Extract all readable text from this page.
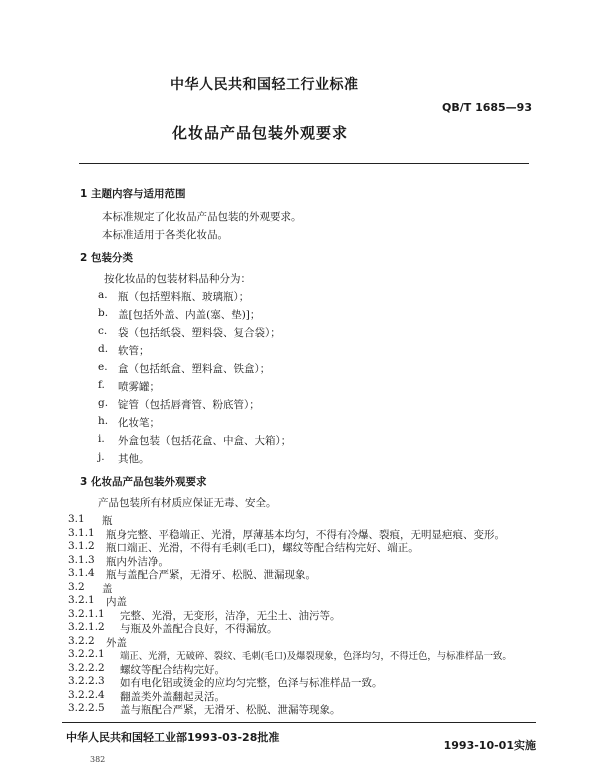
中华人民共和国轻工行业标准
QB/T 1685—93
化妆品产品包装外观要求
1 主题内容与适用范围
本标准规定了化妆品产品包装的外观要求。
本标准适用于各类化妆品。
2 包装分类
按化妆品的包装材料品种分为：
a. 瓶（包括塑料瓶、玻璃瓶）；
b. 盖[包括外盖、内盖(塞、垫)]；
c. 袋（包括纸袋、塑料袋、复合袋）；
d. 软管；
e. 盒（包括纸盒、塑料盒、铁盒）；
f. 喷雾罐；
g. 锭管（包括唇膏管、粉底管）；
h. 化妆笔；
i. 外盒包装（包括花盒、中盒、大箱）；
j. 其他。
3 化妆品产品包装外观要求
产品包装所有材质应保证无毒、安全。
中华人民共和国轻工业部1993-03-28批准
1993-10-01实施
382
3.1 瓶
3.1.1 瓶身完整、平稳端正、光滑，厚薄基本均匀，不得有冷爆、裂痕，无明显疤痕、变形。
3.1.2 瓶口端正、光滑，不得有毛刺(毛口)，螺纹等配合结构完好、端正。
3.1.3 瓶内外洁净。
3.1.4 瓶与盖配合严紧，无滑牙、松脱、泄漏现象。
3.2 盖
3.2.1 内盖
3.2.1.1 完整、光滑，无变形，洁净，无尘土、油污等。
3.2.1.2 与瓶及外盖配合良好，不得漏放。
3.2.2 外盖
3.2.2.1 端正、光滑，无破碎、裂纹、毛刺(毛口)及爆裂现象，色泽均匀，不得迁色，与标准样品一致。
3.2.2.2 螺纹等配合结构完好。
3.2.2.3 如有电化铝或烫金的应均匀完整，色泽与标准样品一致。
3.2.2.4 翻盖类外盖翻起灵活。
3.2.2.5 盖与瓶配合严紧，无滑牙、松脱、泄漏等现象。
